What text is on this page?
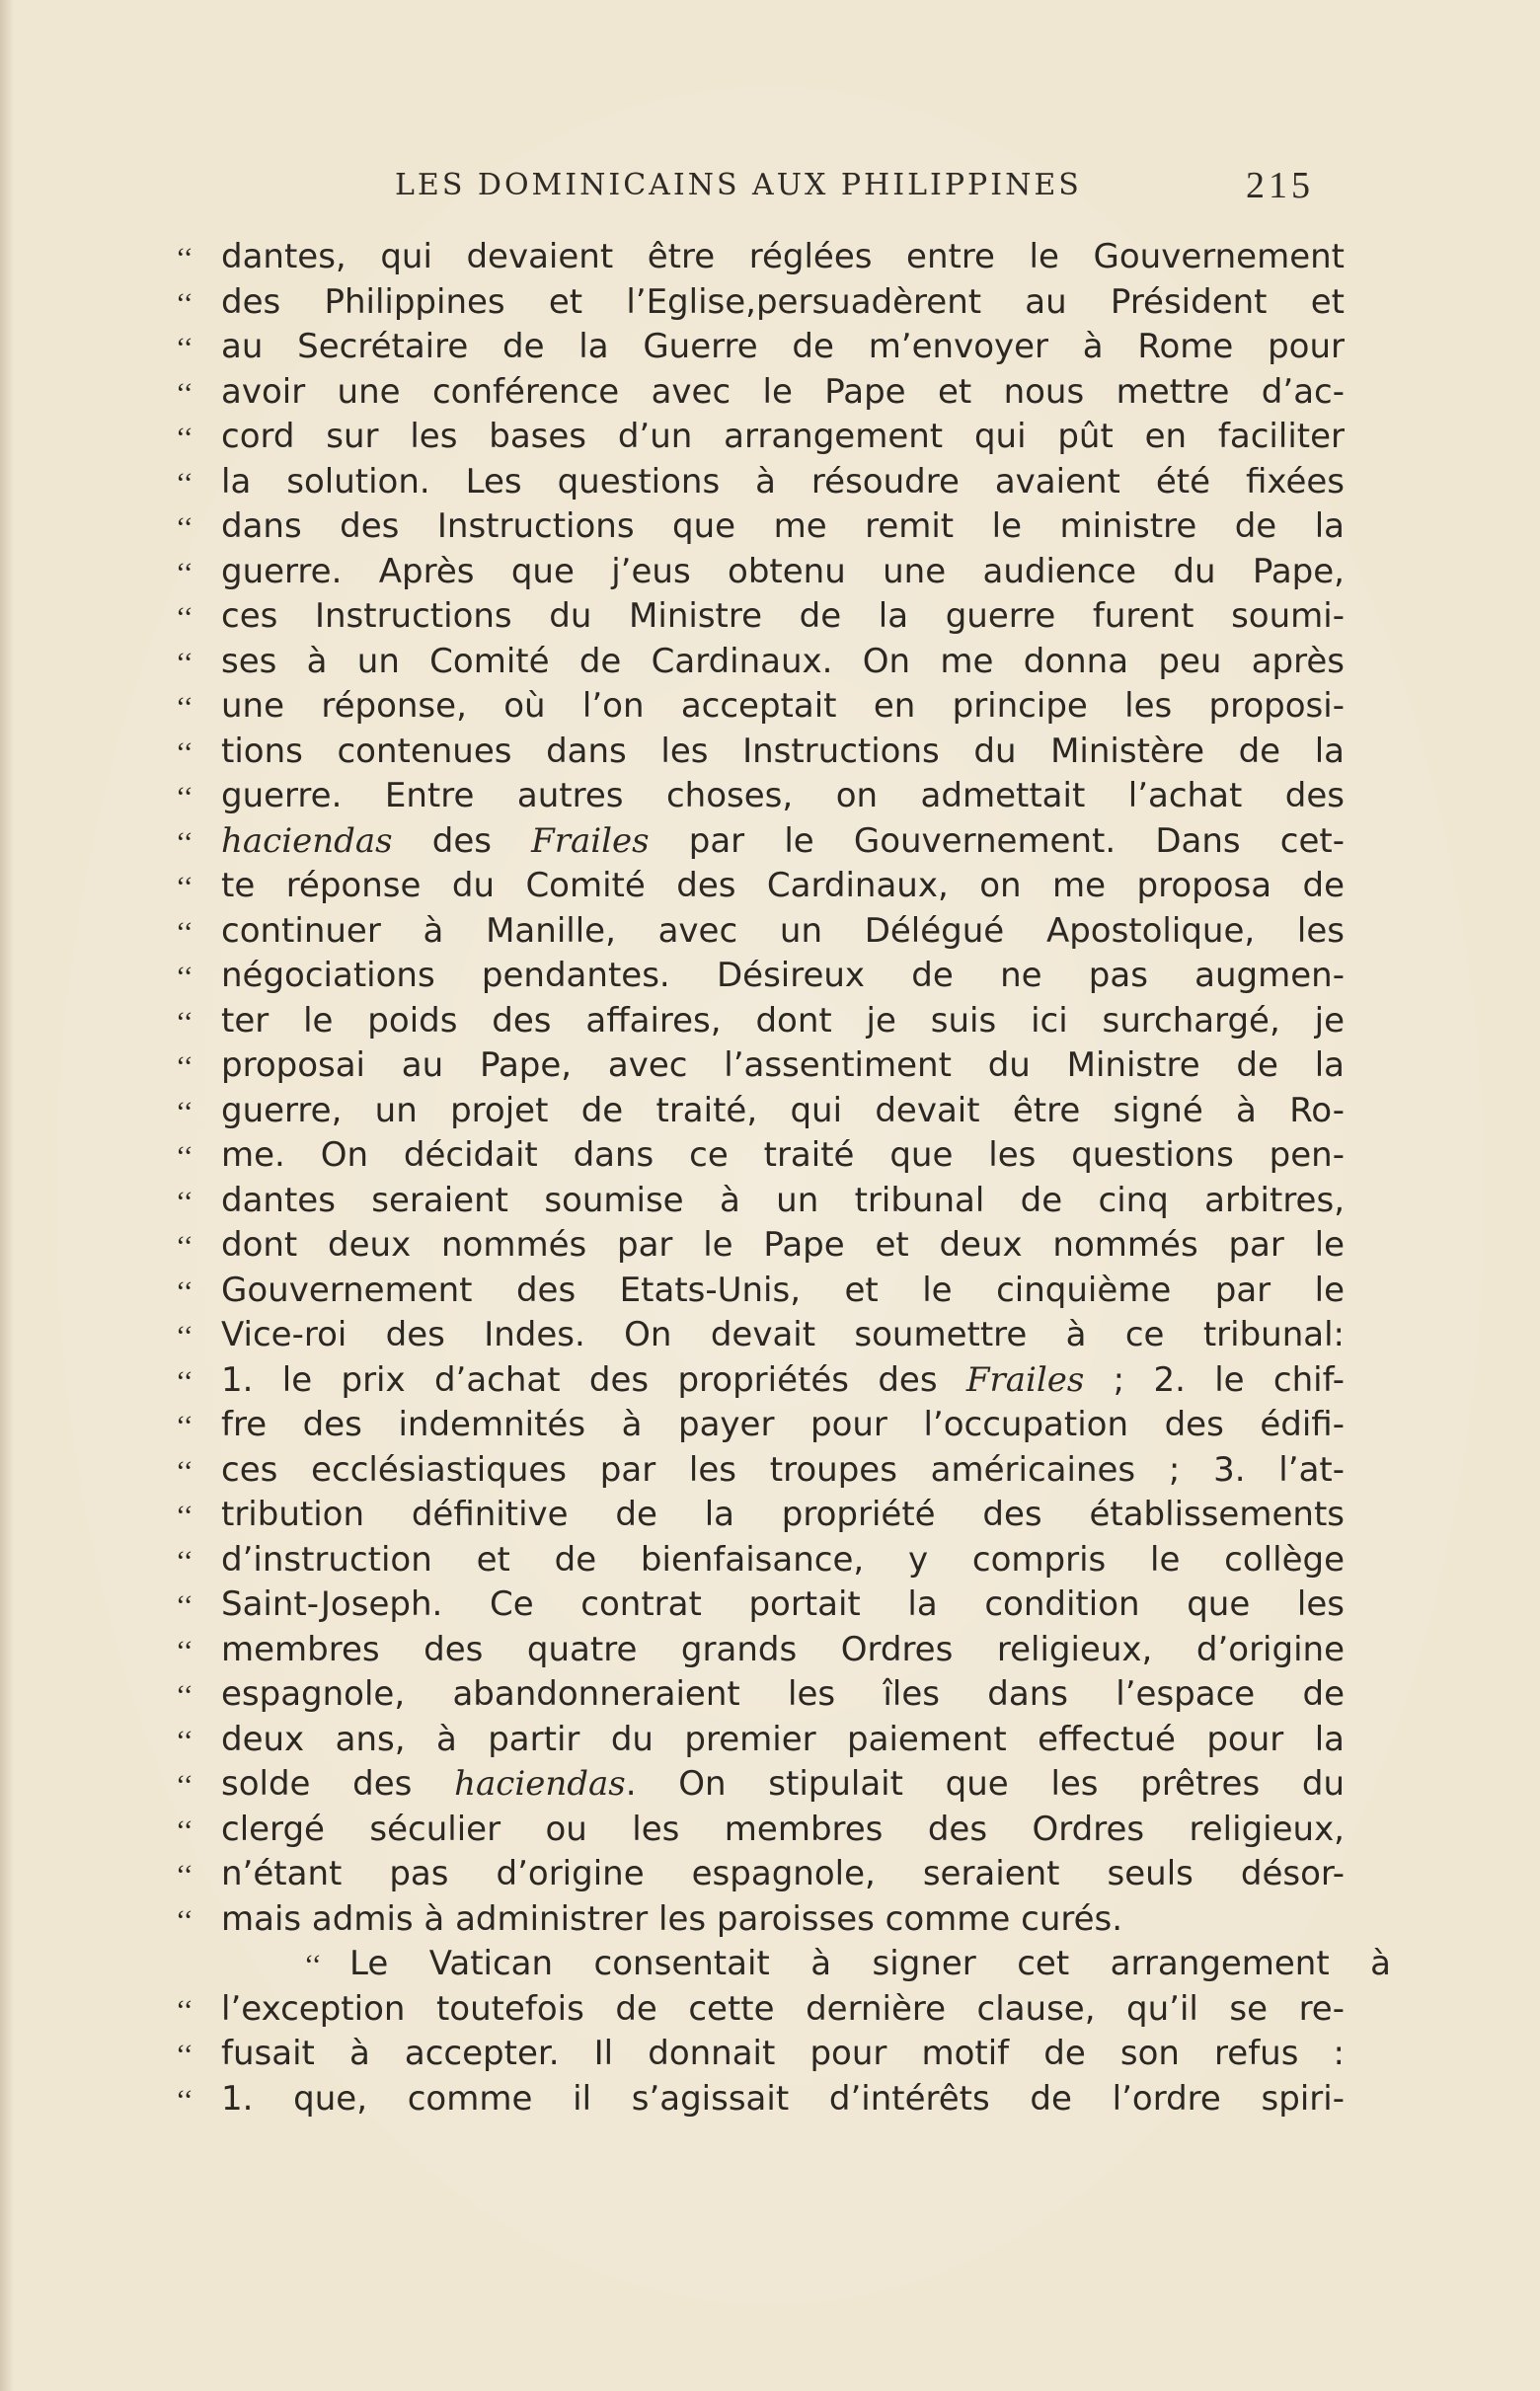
LES DOMINICAINS AUX PHILIPPINES	215
‘‘ dantes, qui devaient être réglées entre le Gouvernement
‘‘ des Philippines et l’Eglise,persuadèrent au Président et
‘‘ au Secrétaire de la Guerre de m’envoyer à Rome pour
‘‘ avoir une conférence avec le Pape et nous mettre d’ac-
‘‘ cord sur les bases d’un arrangement qui pût en faciliter
‘‘ la solution. Les questions à résoudre avaient été fixées
‘‘ dans des Instructions que me remit le ministre de la
‘‘ guerre. Après que j’eus obtenu une audience du Pape,
‘‘ ces Instructions du Ministre de la guerre furent soumi-
‘‘ ses à un Comité de Cardinaux. On me donna peu après
‘‘ une réponse, où l’on acceptait en principe les proposi-
‘‘ tions contenues dans les Instructions du Ministère de la
‘‘ guerre. Entre autres choses, on admettait l’achat des
‘‘ haciendas des Frailes par le Gouvernement. Dans cet-
‘‘ te réponse du Comité des Cardinaux, on me proposa de
‘‘ continuer à Manille, avec un Délégué Apostolique, les
‘‘ négociations pendantes. Désireux de ne pas augmen-
‘‘ ter le poids des affaires, dont je suis ici surchargé, je
‘‘ proposai au Pape, avec l’assentiment du Ministre de la
‘‘ guerre, un projet de traité, qui devait être signé à Ro-
‘‘ me. On décidait dans ce traité que les questions pen-
‘‘ dantes seraient soumise à un tribunal de cinq arbitres,
‘‘ dont deux nommés par le Pape et deux nommés par le
‘‘ Gouvernement des Etats-Unis, et le cinquième par le
‘‘ Vice-roi des Indes. On devait soumettre à ce tribunal:
‘‘ 1. le prix d’achat des propriétés des Frailes ; 2. le chif-
‘‘ fre des indemnités à payer pour l’occupation des édifi-
‘‘ ces ecclésiastiques par les troupes américaines ; 3. l’at-
‘‘ tribution définitive de la propriété des établissements
‘‘ d’instruction et de bienfaisance, y compris le collège
‘‘ Saint-Joseph. Ce contrat portait la condition que les
‘‘ membres des quatre grands Ordres religieux, d’origine
‘‘ espagnole, abandonneraient les îles dans l’espace de
‘‘ deux ans, à partir du premier paiement effectué pour la
‘‘ solde des haciendas. On stipulait que les prêtres du
‘‘ clergé séculier ou les membres des Ordres religieux,
‘‘ n’étant pas d’origine espagnole, seraient seuls désor-
‘‘ mais admis à administrer les paroisses comme curés.
‘‘ Le Vatican consentait à signer cet arrangement à
‘‘ l’exception toutefois de cette dernière clause, qu’il se re-
‘‘ fusait à accepter. Il donnait pour motif de son refus :
‘‘ 1. que, comme il s’agissait d’intérêts de l’ordre spiri-
